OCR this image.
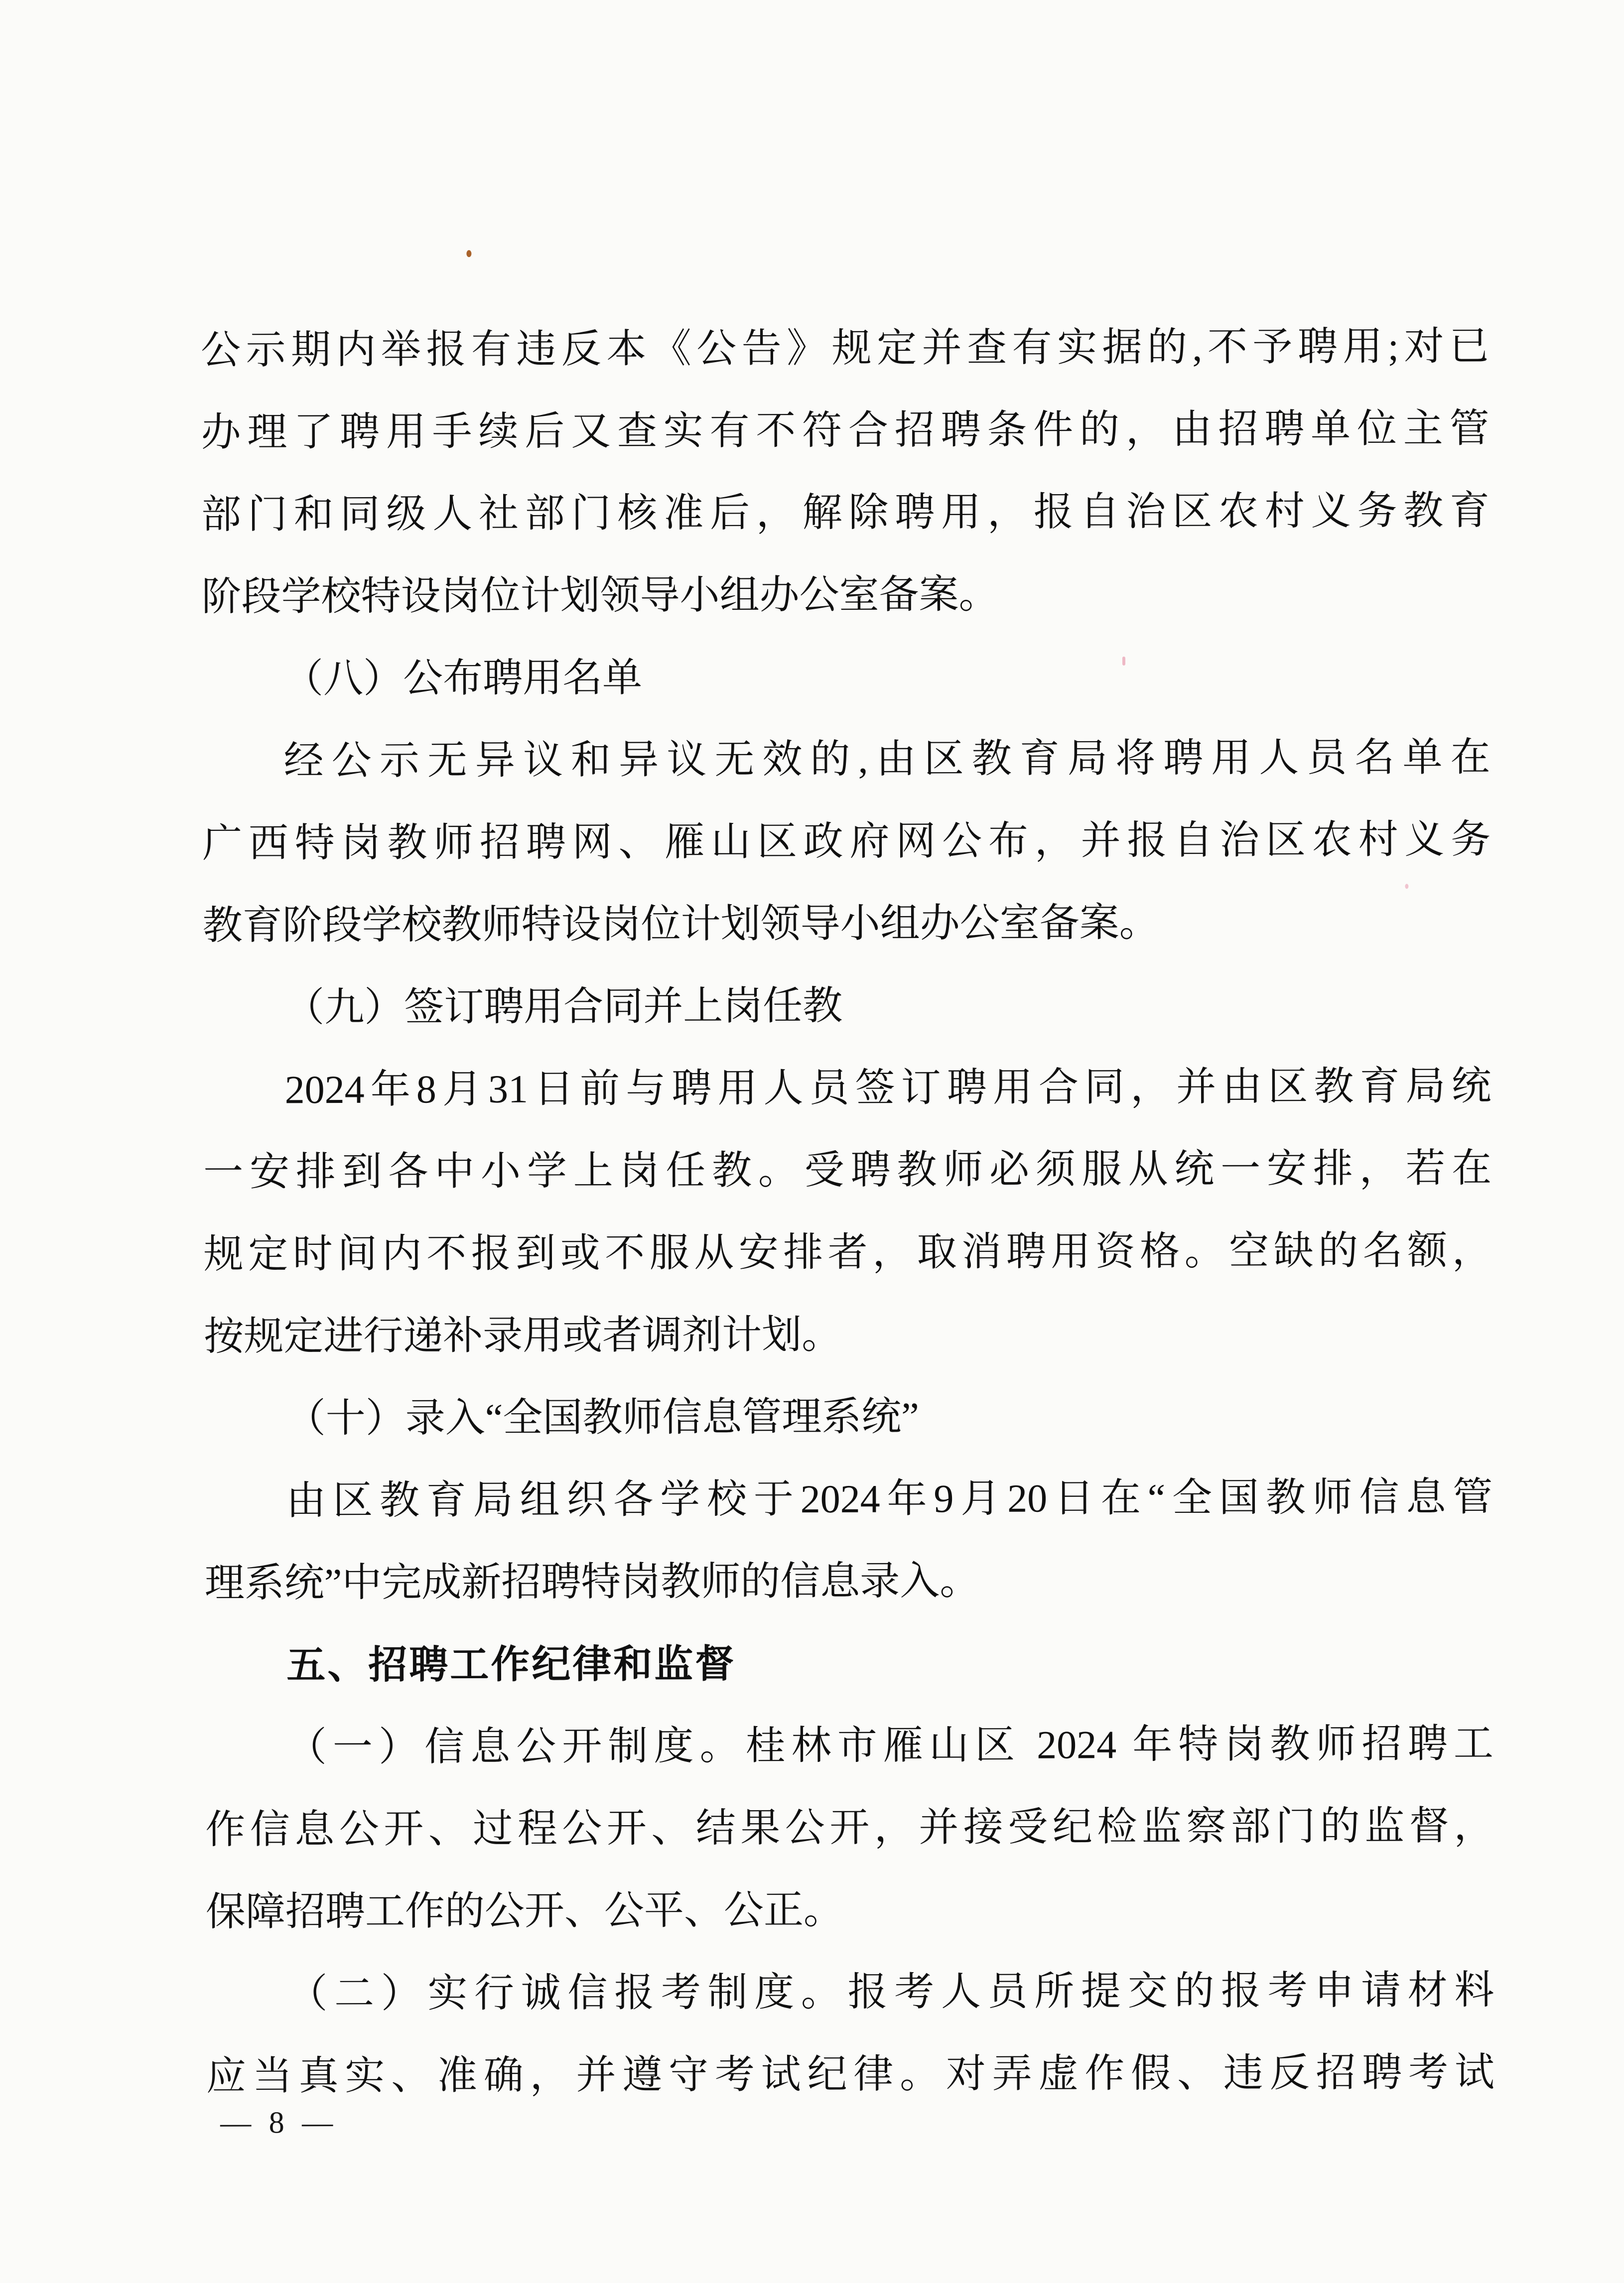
公示期内举报有违反本《公告》规定并查有实据的,不予聘用;对已
办理了聘用手续后又查实有不符合招聘条件的，由招聘单位主管
部门和同级人社部门核准后，解除聘用，报自治区农村义务教育
阶段学校特设岗位计划领导小组办公室备案。
（八）公布聘用名单
经公示无异议和异议无效的,由区教育局将聘用人员名单在
广西特岗教师招聘网、雁山区政府网公布，并报自治区农村义务
教育阶段学校教师特设岗位计划领导小组办公室备案。
（九）签订聘用合同并上岗任教
2024年8月31日前与聘用人员签订聘用合同，并由区教育局统
一安排到各中小学上岗任教。受聘教师必须服从统一安排，若在
规定时间内不报到或不服从安排者，取消聘用资格。空缺的名额，
按规定进行递补录用或者调剂计划。
（十）录入“全国教师信息管理系统”
由区教育局组织各学校于2024年9月20日在“全国教师信息管
理系统”中完成新招聘特岗教师的信息录入。
五、招聘工作纪律和监督
（一）信息公开制度。桂林市雁山区 2024 年特岗教师招聘工
作信息公开、过程公开、结果公开，并接受纪检监察部门的监督，
保障招聘工作的公开、公平、公正。
（二）实行诚信报考制度。报考人员所提交的报考申请材料
应当真实、准确，并遵守考试纪律。对弄虚作假、违反招聘考试
— 8 —
